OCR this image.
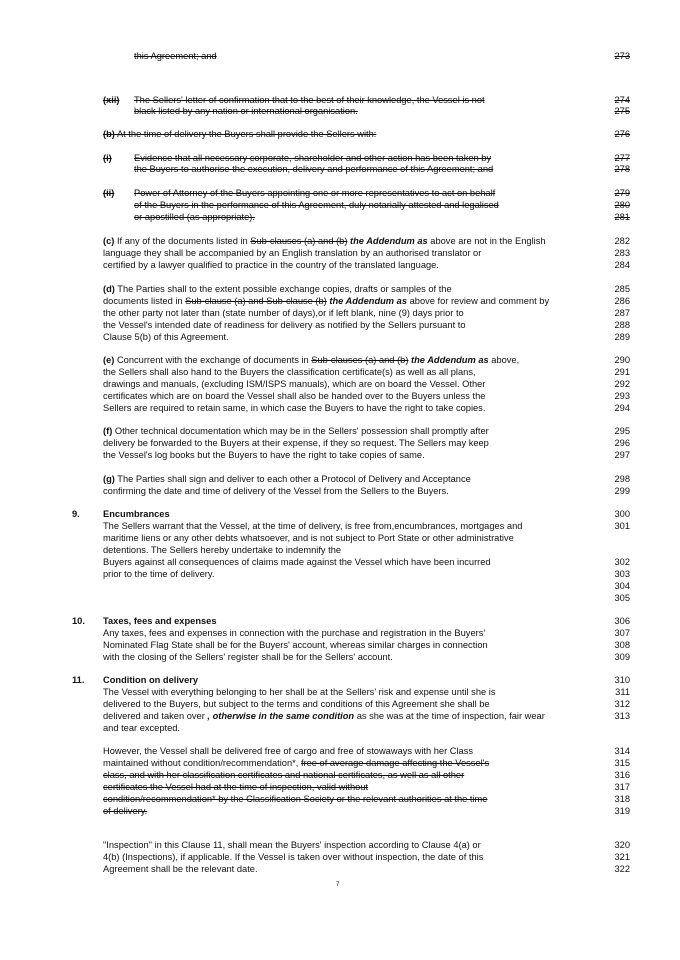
273
274
275
276
277
278
279
280
281
282
283
284
285
286
287
288
289
290
291
292
293
294
295
296
297
298
299
300
301
302
303
304
305
306
307
308
309
310
311
312
313
314
315
316
317
318
319
320
321
322
this Agreement; and
(xii) The Sellers' letter of confirmation that to the best of their knowledge, the Vessel is not
black listed by any nation or international organisation.
(b) At the time of delivery the Buyers shall provide the Sellers with:
(i) Evidence that all necessary corporate, shareholder and other action has been taken by
the Buyers to authorise the execution, delivery and performance of this Agreement; and
(ii) Power of Attorney of the Buyers appointing one or more representatives to act on behalf
of the Buyers in the performance of this Agreement, duly notarially attested and legalised
or apostilled (as appropriate).
(c) If any of the documents listed in Sub-clauses (a) and (b) the Addendum as above are not in the English
language they shall be accompanied by an English translation by an authorised translator or
certified by a lawyer qualified to practice in the country of the translated language.
(d) The Parties shall to the extent possible exchange copies, drafts or samples of the
documents listed in Sub-clause (a) and Sub-clause (b) the Addendum as above for review and comment by
the other party not later than (state number of days),or if left blank, nine (9) days prior to
the Vessel's intended date of readiness for delivery as notified by the Sellers pursuant to
Clause 5(b) of this Agreement.
(e) Concurrent with the exchange of documents in Sub-clauses (a) and (b) the Addendum as above,
the Sellers shall also hand to the Buyers the classification certificate(s) as well as all plans,
drawings and manuals, (excluding ISM/ISPS manuals), which are on board the Vessel. Other
certificates which are on board the Vessel shall also be handed over to the Buyers unless the
Sellers are required to retain same, in which case the Buyers to have the right to take copies.
(f) Other technical documentation which may be in the Sellers' possession shall promptly after
delivery be forwarded to the Buyers at their expense, if they so request. The Sellers may keep
the Vessel's log books but the Buyers to have the right to take copies of same.
(g) The Parties shall sign and deliver to each other a Protocol of Delivery and Acceptance
confirming the date and time of delivery of the Vessel from the Sellers to the Buyers.
9. Encumbrances
The Sellers warrant that the Vessel, at the time of delivery, is free from,encumbrances, mortgages and
maritime liens or any other debts whatsoever, and is not subject to Port State or other administrative
detentions. The Sellers hereby undertake to indemnify the
Buyers against all consequences of claims made against the Vessel which have been incurred
prior to the time of delivery.
10. Taxes, fees and expenses
Any taxes, fees and expenses in connection with the purchase and registration in the Buyers'
Nominated Flag State shall be for the Buyers' account, whereas similar charges in connection
with the closing of the Sellers' register shall be for the Sellers' account.
11. Condition on delivery
The Vessel with everything belonging to her shall be at the Sellers' risk and expense until she is
delivered to the Buyers, but subject to the terms and conditions of this Agreement she shall be
delivered and taken over , otherwise in the same condition as she was at the time of inspection, fair wear
and tear excepted.
However, the Vessel shall be delivered free of cargo and free of stowaways with her Class
maintained without condition/recommendation*, free of average damage affecting the Vessel's
class, and with her classification certificates and national certificates, as well as all other
certificates the Vessel had at the time of inspection, valid without
condition/recommendation* by the Classification Society or the relevant authorities at the time
of delivery.
"Inspection" in this Clause 11, shall mean the Buyers' inspection according to Clause 4(a) or
4(b) (Inspections), if applicable. If the Vessel is taken over without inspection, the date of this
Agreement shall be the relevant date.
7
